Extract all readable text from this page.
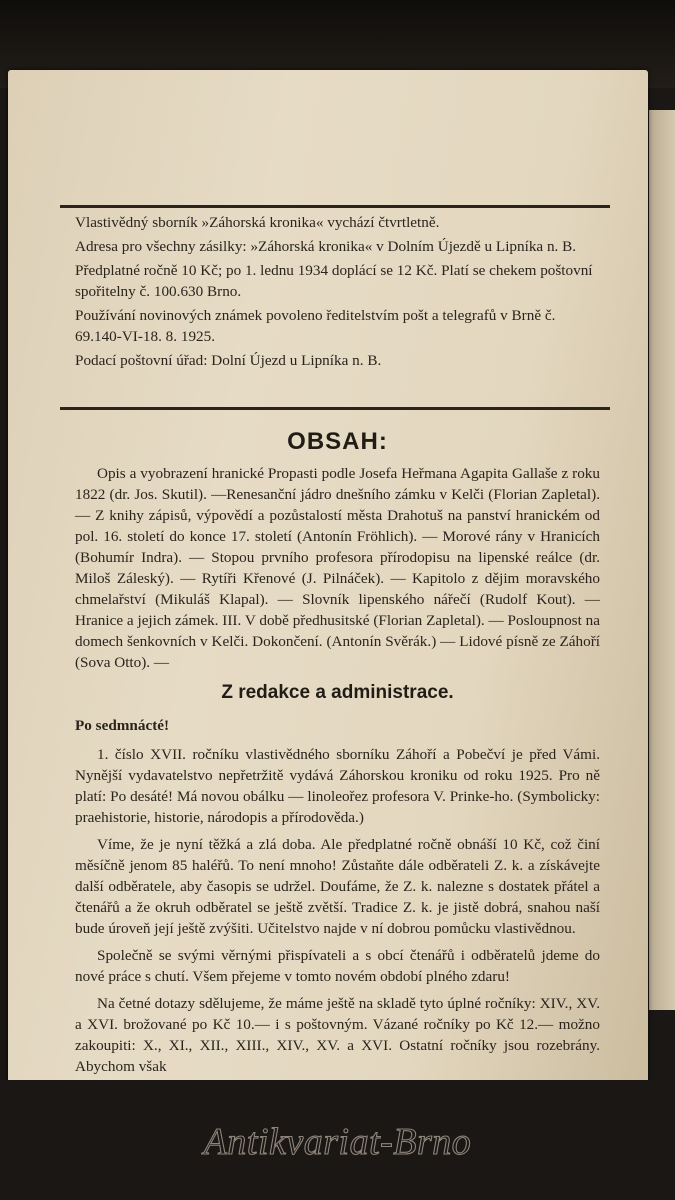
Vlastivědný sborník »Záhorská kronika« vychází čtvrtletně.

Adresa pro všechny zásilky: »Záhorská kronika« v Dolním Újezdě u Lipníka n. B.

Předplatné ročně 10 Kč; po 1. lednu 1934 doplácí se 12 Kč. Platí se chekem poštovní spořitelny č. 100.630 Brno.

Používání novinových známek povoleno ředitelstvím pošt a telegrafů v Brně č. 69.140-VI-18. 8. 1925.

Podací poštovní úřad: Dolní Újezd u Lipníka n. B.

OBSAH:

Opis a vyobrazení hranické Propasti podle Josefa Heřmana Agapita Gallaše z roku 1822 (dr. Jos. Skutil). —Renesanční jádro dnešního zámku v Kelči (Florian Zapletal). — Z knihy zápisů, výpovědí a pozůstalostí města Drahotuš na panství hranickém od pol. 16. století do konce 17. století (Antonín Fröhlich). — Morové rány v Hranicích (Bohumír Indra). — Stopou prvního profesora přírodopisu na lipenské reálce (dr. Miloš Záleský). — Rytíři Křenové (J. Pilnáček). — Kapitolo z dějim moravského chmelařství (Mikuláš Klapal). — Slovník lipenského nářečí (Rudolf Kout). — Hranice a jejich zámek. III. V době předhusitské (Florian Zapletal). — Posloupnost na domech šenkovních v Kelči. Dokončení. (Antonín Svěrák.) — Lidové písně ze Záhoří (Sova Otto). —

Z redakce a administrace.

Po sedmnácté!

1. číslo XVII. ročníku vlastivědného sborníku Záhoří a Pobečví je před Vámi. Nynější vydavatelstvo nepřetržitě vydává Záhorskou kroniku od roku 1925. Pro ně platí: Po desáté! Má novou obálku — linoleořez profesora V. Prinke-ho. (Symbolicky: praehistorie, historie, národopis a přírodověda.)

Víme, že je nyní těžká a zlá doba. Ale předplatné ročně obnáší 10 Kč, což činí měsíčně jenom 85 haléřů. To není mnoho! Zůstaňte dále odběrateli Z. k. a získávejte další odběratele, aby časopis se udržel. Doufáme, že Z. k. nalezne s dostatek přátel a čtenářů a že okruh odběratel se ještě zvětší. Tradice Z. k. je jistě dobrá, snahou naší bude úroveň její ještě zvýšiti. Učitelstvo najde v ní dobrou pomůcku vlastivědnou.

Společně se svými věrnými přispívateli a s obcí čtenářů i odběratelů jdeme do nové práce s chutí. Všem přejeme v tomto novém období plného zdaru!

Na četné dotazy sdělujeme, že máme ještě na skladě tyto úplné ročníky: XIV., XV. a XVI. brožované po Kč 10.— i s poštovným. Vázané ročníky po Kč 12.— možno zakoupiti: X., XI., XII., XIII., XIV., XV. a XVI. Ostatní ročníky jsou rozebrány. Abychom však

Antikvariat-Brno
